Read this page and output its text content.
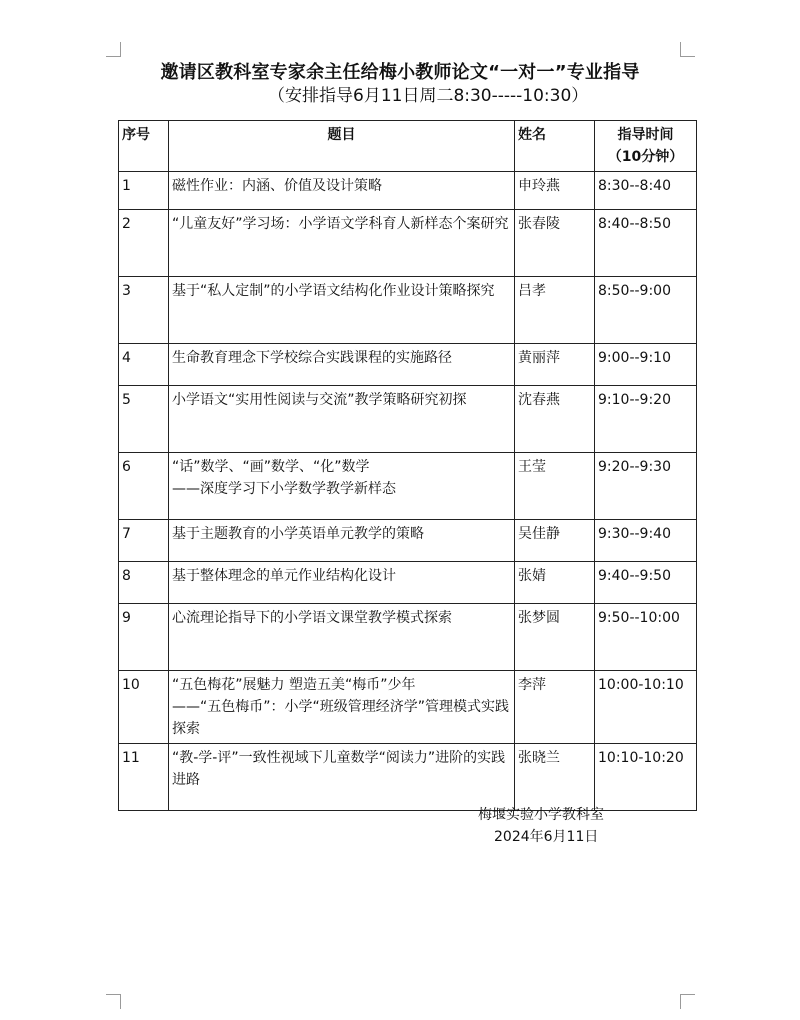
邀请区教科室专家余主任给梅小教师论文“一对一”专业指导
（安排指导6月11日周二8:30-----10:30）
序号	题目	姓名	指导时间
（10分钟）

1	磁性作业：内涵、价值及设计策略	申玲燕	8:30--8:40
2	“儿童友好”学习场：小学语文学科育人新样态个案研究	张春陵	8:40--8:50
3	基于“私人定制”的小学语文结构化作业设计策略探究	吕孝	8:50--9:00
4	生命教育理念下学校综合实践课程的实施路径	黄丽萍	9:00--9:10
5	小学语文“实用性阅读与交流”教学策略研究初探	沈春燕	9:10--9:20
6	“话”数学、“画”数学、“化”数学
——深度学习下小学数学教学新样态	王莹	9:20--9:30
7	基于主题教育的小学英语单元教学的策略	吴佳静	9:30--9:40
8	基于整体理念的单元作业结构化设计	张婧	9:40--9:50
9	心流理论指导下的小学语文课堂教学模式探索	张梦圆	9:50--10:00
10	“五色梅花”展魅力 塑造五美“梅币”少年
——“五色梅币”：小学“班级管理经济学”管理模式实践探索	李萍	10:00-10:10
11	“教-学-评”一致性视域下儿童数学“阅读力”进阶的实践进路	张晓兰	10:10-10:20
梅堰实验小学教科室
2024年6月11日
